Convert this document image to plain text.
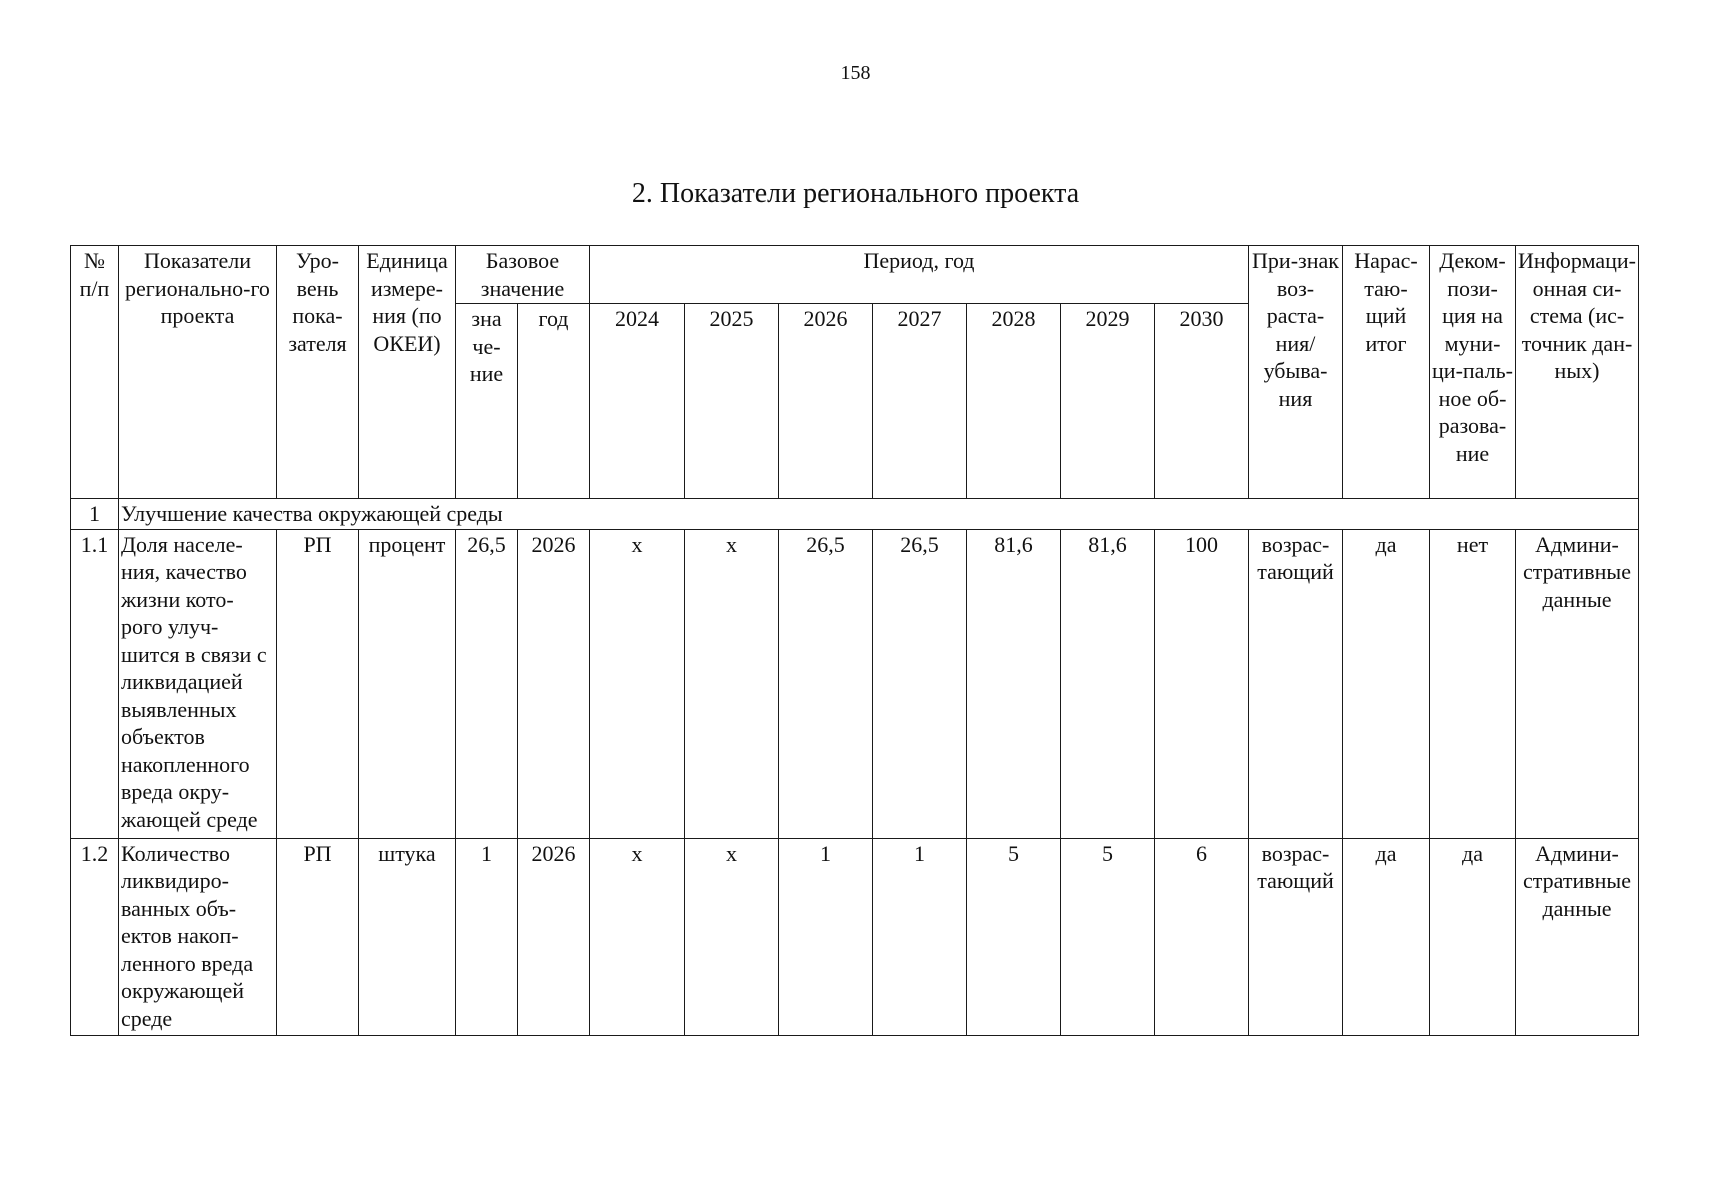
158
2. Показатели регионального проекта
№ п/п	Показатели регионально-го проекта	Уро-вень пока-зателя	Единица измере-ния (по ОКЕИ)	Базовое значение		Период, год							При-знак воз-раста-ния/ убыва-ния	Нарас-таю-щий итог	Деком-пози-ция на муни-ци-паль-ное об-разова-ние	Информаци-онная си-стема (ис-точник дан-ных)
				зна че-ние	год	2024	2025	2026	2027	2028	2029	2030				
1	Улучшение качества окружающей среды															
1.1	Доля населе-ния, качество жизни кото-рого улуч-шится в связи с ликвидацией выявленных объектов накопленного вреда окру-жающей среде	РП	процент	26,5	2026	х	х	26,5	26,5	81,6	81,6	100	возрас-тающий	да	нет	Админи-стративные данные
1.2	Количество ликвидиро-ванных объ-ектов накоп-ленного вреда окружающей среде	РП	штука	1	2026	х	х	1	1	5	5	6	возрас-тающий	да	да	Админи-стративные данные
